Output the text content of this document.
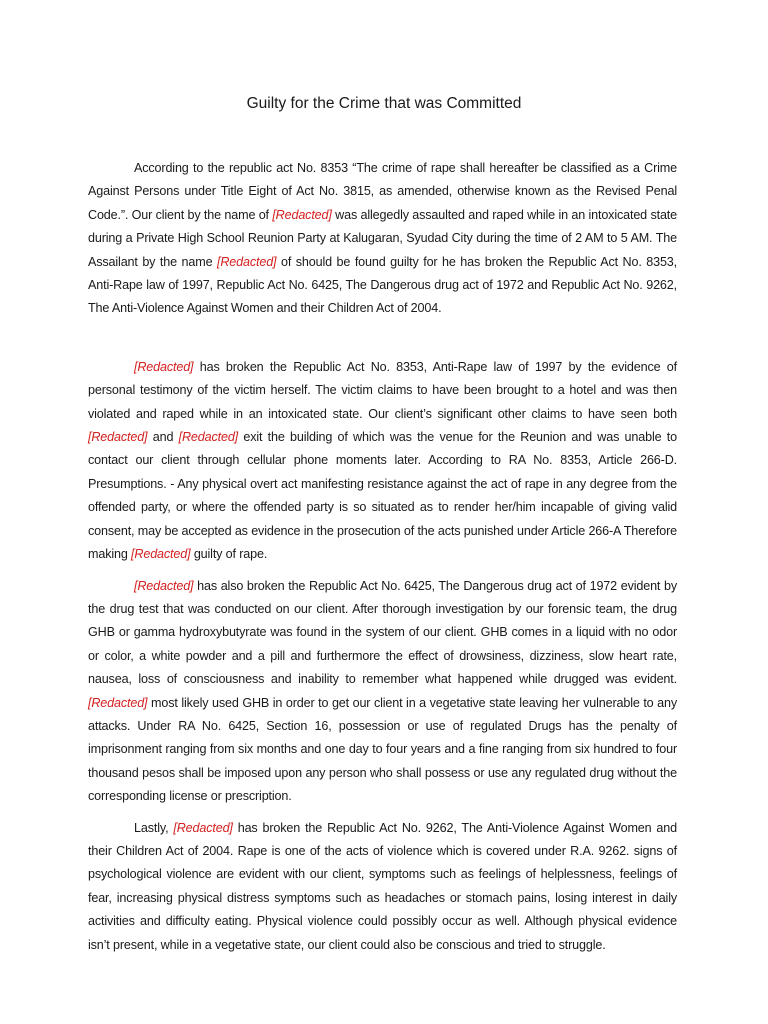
Guilty for the Crime that was Committed

According to the republic act No. 8353 “The crime of rape shall hereafter be classified as a Crime Against Persons under Title Eight of Act No. 3815, as amended, otherwise known as the Revised Penal Code.”. Our client by the name of [Redacted] was allegedly assaulted and raped while in an intoxicated state during a Private High School Reunion Party at Kalugaran, Syudad City during the time of 2 AM to 5 AM. The Assailant by the name [Redacted] of should be found guilty for he has broken the Republic Act No. 8353, Anti-Rape law of 1997, Republic Act No. 6425, The Dangerous drug act of 1972 and Republic Act No. 9262, The Anti-Violence Against Women and their Children Act of 2004.

[Redacted] has broken the Republic Act No. 8353, Anti-Rape law of 1997 by the evidence of personal testimony of the victim herself. The victim claims to have been brought to a hotel and was then violated and raped while in an intoxicated state. Our client’s significant other claims to have seen both [Redacted] and [Redacted] exit the building of which was the venue for the Reunion and was unable to contact our client through cellular phone moments later. According to RA No. 8353, Article 266-D. Presumptions. - Any physical overt act manifesting resistance against the act of rape in any degree from the offended party, or where the offended party is so situated as to render her/him incapable of giving valid consent, may be accepted as evidence in the prosecution of the acts punished under Article 266-A Therefore making [Redacted] guilty of rape.

[Redacted] has also broken the Republic Act No. 6425, The Dangerous drug act of 1972 evident by the drug test that was conducted on our client. After thorough investigation by our forensic team, the drug GHB or gamma hydroxybutyrate was found in the system of our client. GHB comes in a liquid with no odor or color, a white powder and a pill and furthermore the effect of drowsiness, dizziness, slow heart rate, nausea, loss of consciousness and inability to remember what happened while drugged was evident. [Redacted] most likely used GHB in order to get our client in a vegetative state leaving her vulnerable to any attacks. Under RA No. 6425, Section 16, possession or use of regulated Drugs has the penalty of imprisonment ranging from six months and one day to four years and a fine ranging from six hundred to four thousand pesos shall be imposed upon any person who shall possess or use any regulated drug without the corresponding license or prescription.

Lastly, [Redacted] has broken the Republic Act No. 9262, The Anti-Violence Against Women and their Children Act of 2004. Rape is one of the acts of violence which is covered under R.A. 9262. signs of psychological violence are evident with our client, symptoms such as feelings of helplessness, feelings of fear, increasing physical distress symptoms such as headaches or stomach pains, losing interest in daily activities and difficulty eating. Physical violence could possibly occur as well. Although physical evidence isn’t present, while in a vegetative state, our client could also be conscious and tried to struggle.
